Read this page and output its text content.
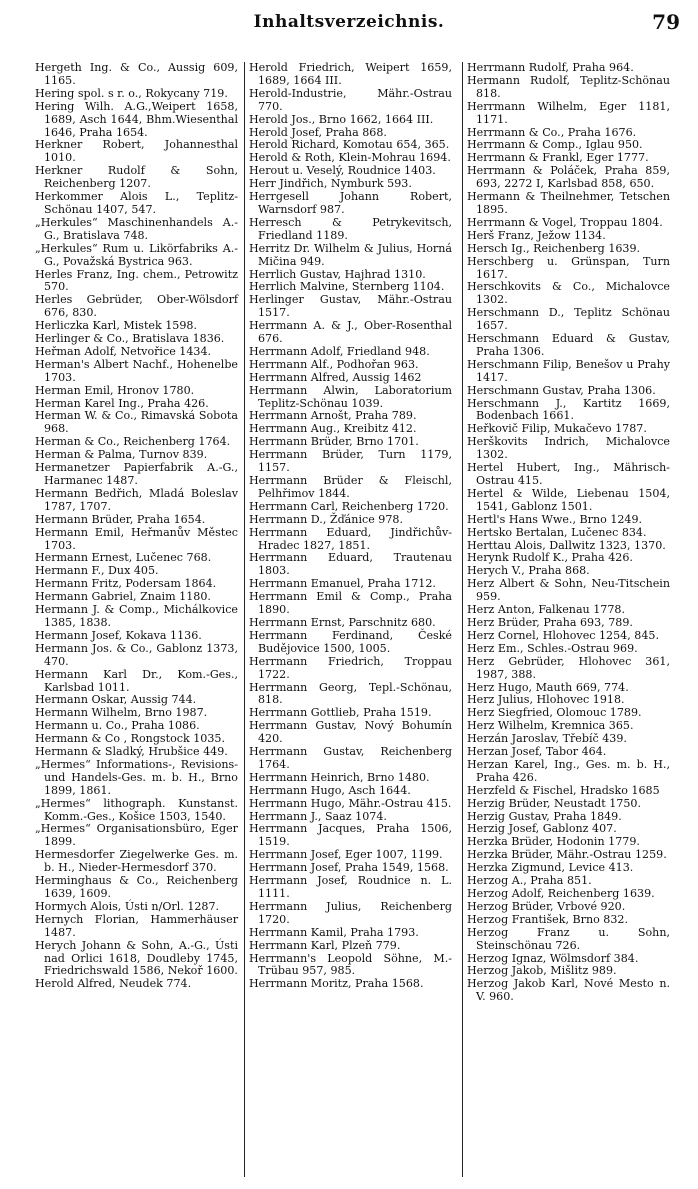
Inhaltsverzeichnis.	79
Hergeth Ing. & Co., Aussig 609, 1165.
Hering spol. s r. o., Rokycany 719.
Hering Wilh. A.G.,Weipert 1658, 1689, Asch 1644, Bhm.Wiesenthal 1646, Praha 1654.
Herkner Robert, Johannesthal 1010.
Herkner Rudolf & Sohn, Reichenberg 1207.
Herkommer Alois L., Teplitz-Schönau 1407, 547.
„Herkules“ Maschinenhandels A.-G., Bratislava 748.
„Herkules“ Rum u. Likörfabriks A.-G., Považská Bystrica 963.
Herles Franz, Ing. chem., Petrowitz 570.
Herles Gebrüder, Ober-Wölsdorf 676, 830.
Herliczka Karl, Mistek 1598.
Herlinger & Co., Bratislava 1836.
Heřman Adolf, Netvořice 1434.
Herman's Albert Nachf., Hohenelbe 1703.
Herman Emil, Hronov 1780.
Herman Karel Ing., Praha 426.
Herman W. & Co., Rimavská Sobota 968.
Herman & Co., Reichenberg 1764.
Herman & Palma, Turnov 839.
Hermanetzer Papierfabrik A.-G., Harmanec 1487.
Hermann Bedřich, Mladá Boleslav 1787, 1707.
Hermann Brüder, Praha 1654.
Hermann Emil, Heřmanův Městec 1703.
Hermann Ernest, Lučenec 768.
Hermann F., Dux 405.
Hermann Fritz, Podersam 1864.
Hermann Gabriel, Znaim 1180.
Hermann J. & Comp., Michálkovice 1385, 1838.
Hermann Josef, Kokava 1136.
Hermann Jos. & Co., Gablonz 1373, 470.
Hermann Karl Dr., Kom.-Ges., Karlsbad 1011.
Hermann Oskar, Aussig 744.
Hermann Wilhelm, Brno 1987.
Hermann u. Co., Praha 1086.
Hermann & Co , Rongstock 1035.
Hermann & Sladký, Hrubšice 449.
„Hermes“ Informations-, Revisions- und Handels-Ges. m. b. H., Brno 1899, 1861.
„Hermes“ lithograph. Kunstanst. Komm.-Ges., Košice 1503, 1540.
„Hermes“ Organisationsbüro, Eger 1899.
Hermesdorfer Ziegelwerke Ges. m. b. H., Nieder-Hermesdorf 370.
Herminghaus & Co., Reichenberg 1639, 1609.
Hormych Alois, Ústi n/Orl. 1287.
Hernych Florian, Hammerhäuser 1487.
Herуch Johann & Sohn, A.-G., Ústi nad Orlici 1618, Doudleby 1745, Friedrichswald 1586, Nekoř 1600.
Herold Alfred, Neudek 774.
Herold Friedrich, Weipert 1659, 1689, 1664 III.
Herold-Industrie, Mähr.-Ostrau 770.
Herold Jos., Brno 1662, 1664 III.
Herold Josef, Praha 868.
Herold Richard, Komotau 654, 365.
Herold & Roth, Klein-Mohrau 1694.
Herout u. Veselý, Roudnice 1403.
Herr Jindřich, Nymburk 593.
Herrgesell Johann Robert, Warnsdorf 987.
Herresch & Petrykevitsch, Friedland 1189.
Herritz Dr. Wilhelm & Julius, Horná Mičina 949.
Herrlich Gustav, Hajhrad 1310.
Herrlich Malvine, Sternberg 1104.
Herlinger Gustav, Mähr.-Ostrau 1517.
Herrmann A. & J., Ober-Rosenthal 676.
Herrmann Adolf, Friedland 948.
Herrmann Alf., Podhořan 963.
Herrmann Alfred, Aussig 1462
Herrmann Alwin, Laboratorium Teplitz-Schönau 1039.
Herrmann Arnošt, Praha 789.
Herrmann Aug., Kreibitz 412.
Herrmann Brüder, Brno 1701.
Herrmann Brüder, Turn 1179, 1157.
Herrmann Brüder & Fleischl, Pelhřimov 1844.
Herrmann Carl, Reichenberg 1720.
Herrmann D., Žďánice 978.
Herrmann Eduard, Jindřichův-Hradec 1827, 1851.
Herrmann Eduard, Trautenau 1803.
Herrmann Emanuel, Praha 1712.
Herrmann Emil & Comp., Praha 1890.
Herrmann Ernst, Parschnitz 680.
Herrmann Ferdinand, České Budějovice 1500, 1005.
Herrmann Friedrich, Troppau 1722.
Herrmann Georg, Tepl.-Schönau, 818.
Herrmann Gottlieb, Praha 1519.
Herrmann Gustav, Nový Bohumín 420.
Herrmann Gustav, Reichenberg 1764.
Herrmann Heinrich, Brno 1480.
Herrmann Hugo, Asch 1644.
Herrmann Hugo, Mähr.-Ostrau 415.
Herrmann J., Saaz 1074.
Herrmann Jacques, Praha 1506, 1519.
Herrmann Josef, Eger 1007, 1199.
Herrmann Josef, Praha 1549, 1568.
Herrmann Josef, Roudnice n. L. 1111.
Herrmann Julius, Reichenberg 1720.
Herrmann Kamil, Praha 1793.
Herrmann Karl, Plzeň 779.
Herrmann's Leopold Söhne, M.-Trübau 957, 985.
Herrmann Moritz, Praha 1568.
Herrmann Rudolf, Praha 964.
Hermann Rudolf, Teplitz-Schönau 818.
Herrmann Wilhelm, Eger 1181, 1171.
Herrmann & Co., Praha 1676.
Herrmann & Comp., Iglau 950.
Herrmann & Frankl, Eger 1777.
Herrmann & Poláček, Praha 859, 693, 2272 I, Karlsbad 858, 650.
Hermann & Theilnehmer, Tetschen 1895.
Herrmann & Vogel, Troppau 1804.
Herš Franz, Ježow 1134.
Hersch Ig., Reichenberg 1639.
Herschberg u. Grünspan, Turn 1617.
Herschkovits & Co., Michalovce 1302.
Herschmann D., Teplitz Schönau 1657.
Herschmann Eduard & Gustav, Praha 1306.
Herschmann Filip, Benešov u Prahy 1417.
Herschmann Gustav, Praha 1306.
Herschmann J., Kartitz 1669, Bodenbach 1661.
Heřkovič Filip, Mukačevo 1787.
Herškovits Indrich, Michalovce 1302.
Hertel Hubert, Ing., Mährisch-Ostrau 415.
Hertel & Wilde, Liebenau 1504, 1541, Gablonz 1501.
Hertl's Hans Wwe., Brno 1249.
Hertsko Bertalan, Lučenec 834.
Herttau Alois, Dallwitz 1323, 1370.
Herynk Rudolf K., Praha 426.
Herych V., Praha 868.
Herz Albert & Sohn, Neu-Titschein 959.
Herz Anton, Falkenau 1778.
Herz Brüder, Praha 693, 789.
Herz Cornel, Hlohovec 1254, 845.
Herz Em., Schles.-Ostrau 969.
Herz Gebrüder, Hlohovec 361, 1987, 388.
Herz Hugo, Mauth 669, 774.
Herz Julius, Hlohovec 1918.
Herz Siegfried, Olomouc 1789.
Herz Wilhelm, Kremnica 365.
Herzán Jaroslav, Třebíč 439.
Herzan Josef, Tabor 464.
Herzan Karel, Ing., Ges. m. b. H., Praha 426.
Herzfeld & Fischel, Hradsko 1685
Herzig Brüder, Neustadt 1750.
Herzig Gustav, Praha 1849.
Herzig Josef, Gablonz 407.
Herzka Brüder, Hodonin 1779.
Herzka Brüder, Mähr.-Ostrau 1259.
Herzka Zigmund, Levice 413.
Herzog A., Praha 851.
Herzog Adolf, Reichenberg 1639.
Herzog Brüder, Vrbové 920.
Herzog František, Brno 832.
Herzog Franz u. Sohn, Steinschönau 726.
Herzog Ignaz, Wölmsdorf 384.
Herzog Jakob, Mišlitz 989.
Herzog Jakob Karl, Nové Mesto n. V. 960.
